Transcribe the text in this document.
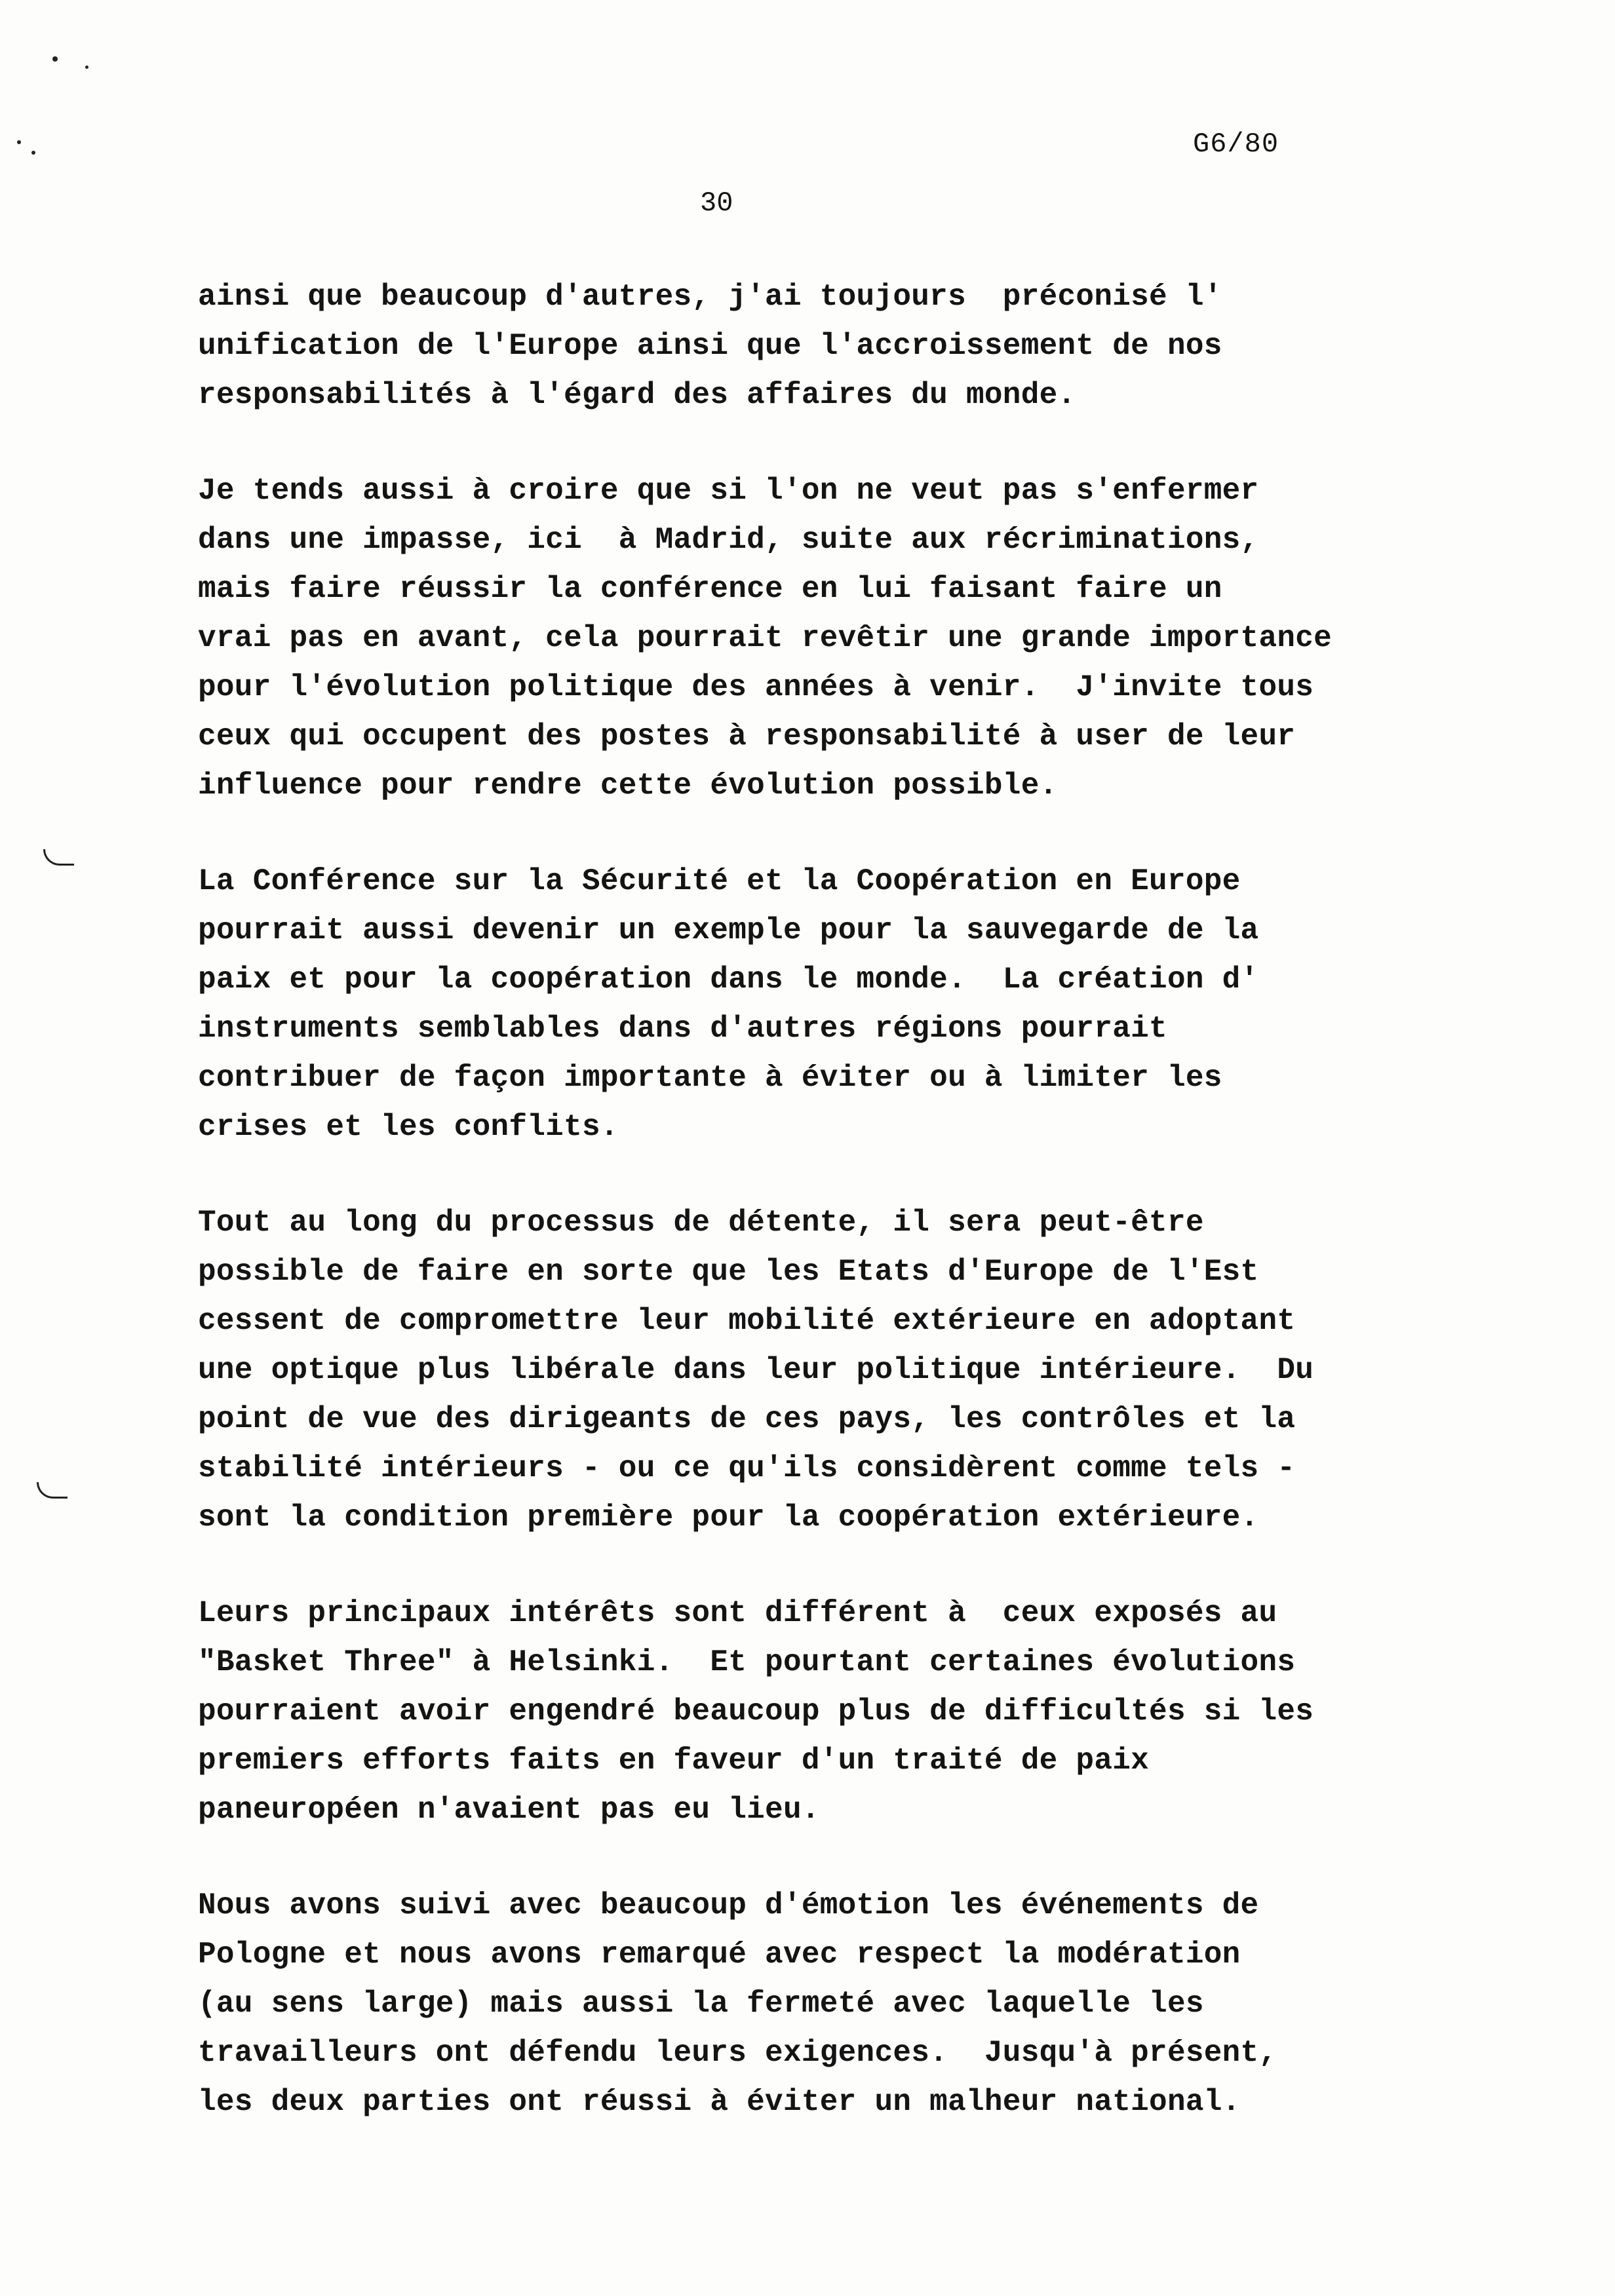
G6/80
30

ainsi que beaucoup d'autres, j'ai toujours  préconisé l'
unification de l'Europe ainsi que l'accroissement de nos
responsabilités à l'égard des affaires du monde.

Je tends aussi à croire que si l'on ne veut pas s'enfermer
dans une impasse, ici  à Madrid, suite aux récriminations,
mais faire réussir la conférence en lui faisant faire un
vrai pas en avant, cela pourrait revêtir une grande importance
pour l'évolution politique des années à venir.  J'invite tous
ceux qui occupent des postes à responsabilité à user de leur
influence pour rendre cette évolution possible.

La Conférence sur la Sécurité et la Coopération en Europe
pourrait aussi devenir un exemple pour la sauvegarde de la
paix et pour la coopération dans le monde.  La création d'
instruments semblables dans d'autres régions pourrait
contribuer de façon importante à éviter ou à limiter les
crises et les conflits.

Tout au long du processus de détente, il sera peut-être
possible de faire en sorte que les Etats d'Europe de l'Est
cessent de compromettre leur mobilité extérieure en adoptant
une optique plus libérale dans leur politique intérieure.  Du
point de vue des dirigeants de ces pays, les contrôles et la
stabilité intérieurs - ou ce qu'ils considèrent comme tels -
sont la condition première pour la coopération extérieure.

Leurs principaux intérêts sont différent à  ceux exposés au
"Basket Three" à Helsinki.  Et pourtant certaines évolutions
pourraient avoir engendré beaucoup plus de difficultés si les
premiers efforts faits en faveur d'un traité de paix
paneuropéen n'avaient pas eu lieu.

Nous avons suivi avec beaucoup d'émotion les événements de
Pologne et nous avons remarqué avec respect la modération
(au sens large) mais aussi la fermeté avec laquelle les
travailleurs ont défendu leurs exigences.  Jusqu'à présent,
les deux parties ont réussi à éviter un malheur national.
